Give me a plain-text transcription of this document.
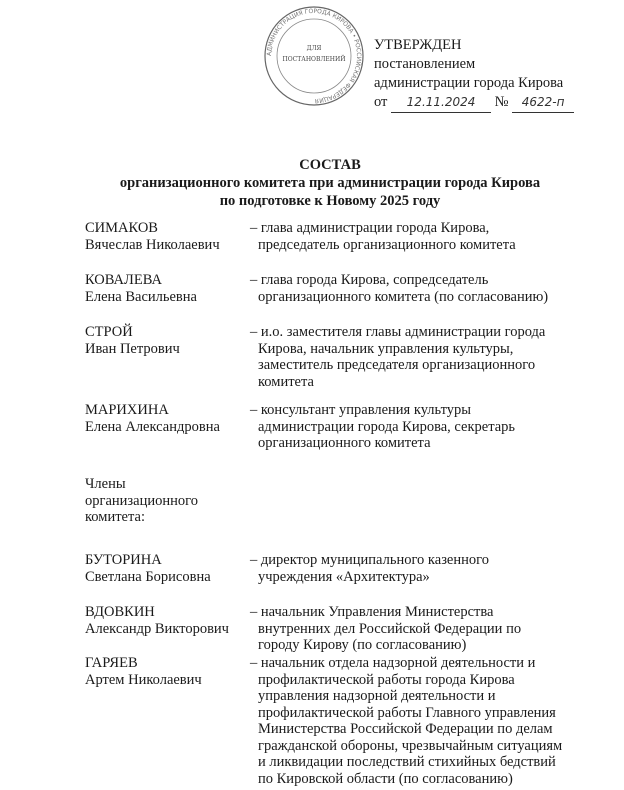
АДМИНИСТРАЦИЯ ГОРОДА КИРОВА • РОССИЙСКАЯ ФЕДЕРАЦИЯ
ДЛЯ
ПОСТАНОВЛЕНИЙ
УТВЕРЖДЕН
постановлением
администрации города Кирова
от 12.11.2024 № 4622-п
СОСТАВ
организационного комитета при администрации города Кирова
по подготовке к Новому 2025 году
СИМАКОВ
Вячеслав Николаевич
– глава администрации города Кирова,
председатель организационного комитета
КОВАЛЕВА
Елена Васильевна
– глава города Кирова, сопредседатель
организационного комитета (по согласованию)
СТРОЙ
Иван Петрович
– и.о. заместителя главы администрации города
Кирова, начальник управления культуры,
заместитель председателя организационного
комитета
МАРИХИНА
Елена Александровна
– консультант управления культуры
администрации города Кирова, секретарь
организационного комитета
Члены
организационного
комитета:
БУТОРИНА
Светлана Борисовна
– директор муниципального казенного
учреждения «Архитектура»
ВДОВКИН
Александр Викторович
– начальник Управления Министерства
внутренних дел Российской Федерации по
городу Кирову (по согласованию)
ГАРЯЕВ
Артем Николаевич
– начальник отдела надзорной деятельности и
профилактической работы города Кирова
управления надзорной деятельности и
профилактической работы Главного управления
Министерства Российской Федерации по делам
гражданской обороны, чрезвычайным ситуациям
и ликвидации последствий стихийных бедствий
по Кировской области (по согласованию)
